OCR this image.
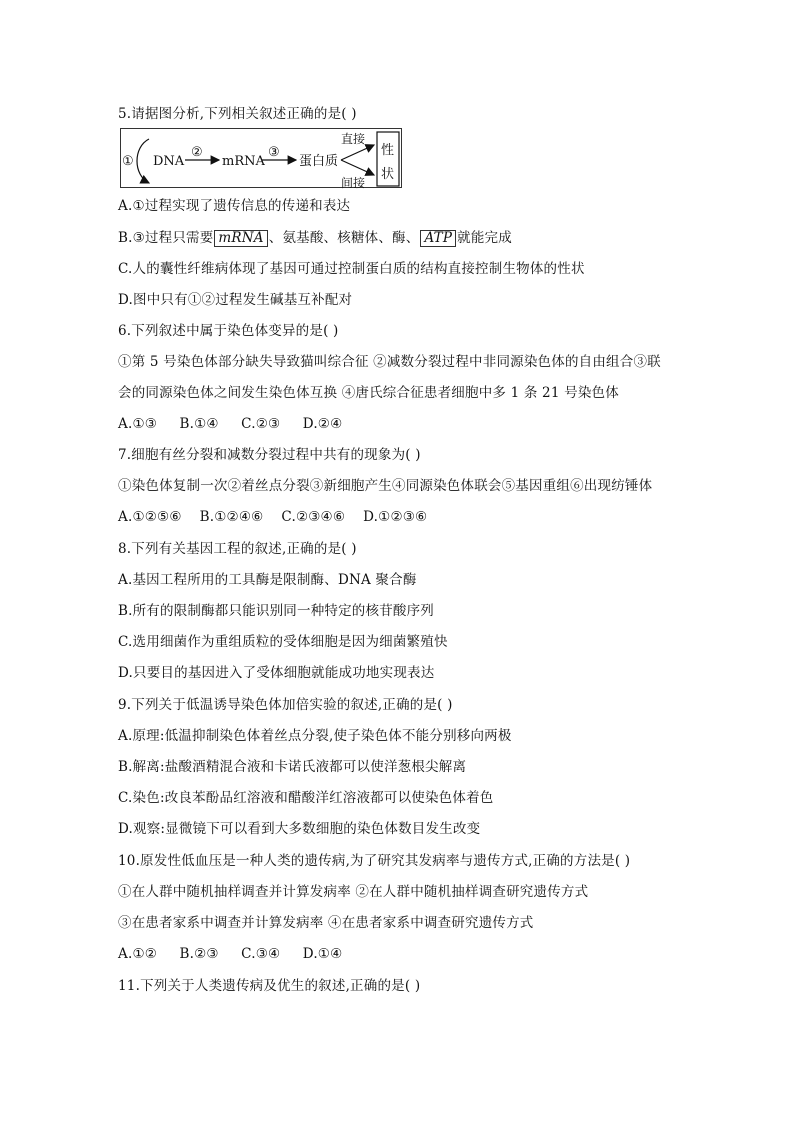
5.请据图分析,下列相关叙述正确的是( )
① DNA
②
mRNA
③
蛋白质
直接
间接
性
状
A.①过程实现了遗传信息的传递和表达
B.③过程只需要 mRNA 、氨基酸、核糖体、酶、 ATP 就能完成
C.人的囊性纤维病体现了基因可通过控制蛋白质的结构直接控制生物体的性状
D.图中只有①②过程发生碱基互补配对
6.下列叙述中属于染色体变异的是( )
①第 5 号染色体部分缺失导致猫叫综合征 ②减数分裂过程中非同源染色体的自由组合③联
会的同源染色体之间发生染色体互换 ④唐氏综合征患者细胞中多 1 条 21 号染色体
A.①③     B.①④     C.②③     D.②④
7.细胞有丝分裂和减数分裂过程中共有的现象为( )
①染色体复制一次②着丝点分裂③新细胞产生④同源染色体联会⑤基因重组⑥出现纺锤体
A.①②⑤⑥    B.①②④⑥    C.②③④⑥    D.①②③⑥
8.下列有关基因工程的叙述,正确的是( )
A.基因工程所用的工具酶是限制酶、DNA 聚合酶
B.所有的限制酶都只能识别同一种特定的核苷酸序列
C.选用细菌作为重组质粒的受体细胞是因为细菌繁殖快
D.只要目的基因进入了受体细胞就能成功地实现表达
9.下列关于低温诱导染色体加倍实验的叙述,正确的是( )
A.原理:低温抑制染色体着丝点分裂,使子染色体不能分别移向两极
B.解离:盐酸酒精混合液和卡诺氏液都可以使洋葱根尖解离
C.染色:改良苯酚品红溶液和醋酸洋红溶液都可以使染色体着色
D.观察:显微镜下可以看到大多数细胞的染色体数目发生改变
10.原发性低血压是一种人类的遗传病,为了研究其发病率与遗传方式,正确的方法是( )
①在人群中随机抽样调查并计算发病率 ②在人群中随机抽样调查研究遗传方式
③在患者家系中调查并计算发病率 ④在患者家系中调查研究遗传方式
A.①②     B.②③     C.③④     D.①④
11.下列关于人类遗传病及优生的叙述,正确的是( )
